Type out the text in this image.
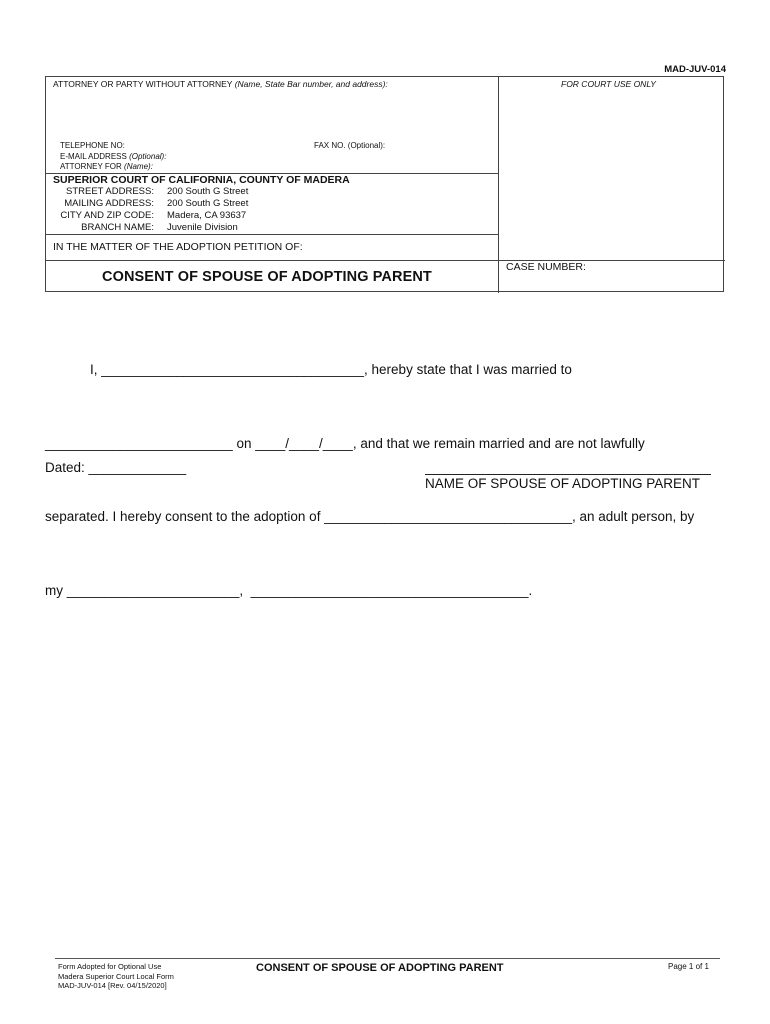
MAD-JUV-014
ATTORNEY OR PARTY WITHOUT ATTORNEY (Name, State Bar number, and address):	FOR COURT USE ONLY
TELEPHONE NO:	FAX NO. (Optional):
E-MAIL ADDRESS (Optional):
ATTORNEY FOR (Name):
SUPERIOR COURT OF CALIFORNIA, COUNTY OF MADERA
STREET ADDRESS: 200 South G Street
MAILING ADDRESS: 200 South G Street
CITY AND ZIP CODE: Madera, CA 93637
BRANCH NAME: Juvenile Division
IN THE MATTER OF THE ADOPTION PETITION OF:
CASE NUMBER:
CONSENT OF SPOUSE OF ADOPTING PARENT

I, ___________________________________, hereby state that I was married to

_________________________ on ____/____/____, and that we remain married and are not lawfully

separated. I hereby consent to the adoption of _________________________________, an adult person, by

my _______________________,  _____________________________________.

Dated: _____________
NAME OF SPOUSE OF ADOPTING PARENT
Form Adopted for Optional Use
Madera Superior Court Local Form
MAD-JUV-014 [Rev. 04/15/2020]
CONSENT OF SPOUSE OF ADOPTING PARENT	Page 1 of 1
